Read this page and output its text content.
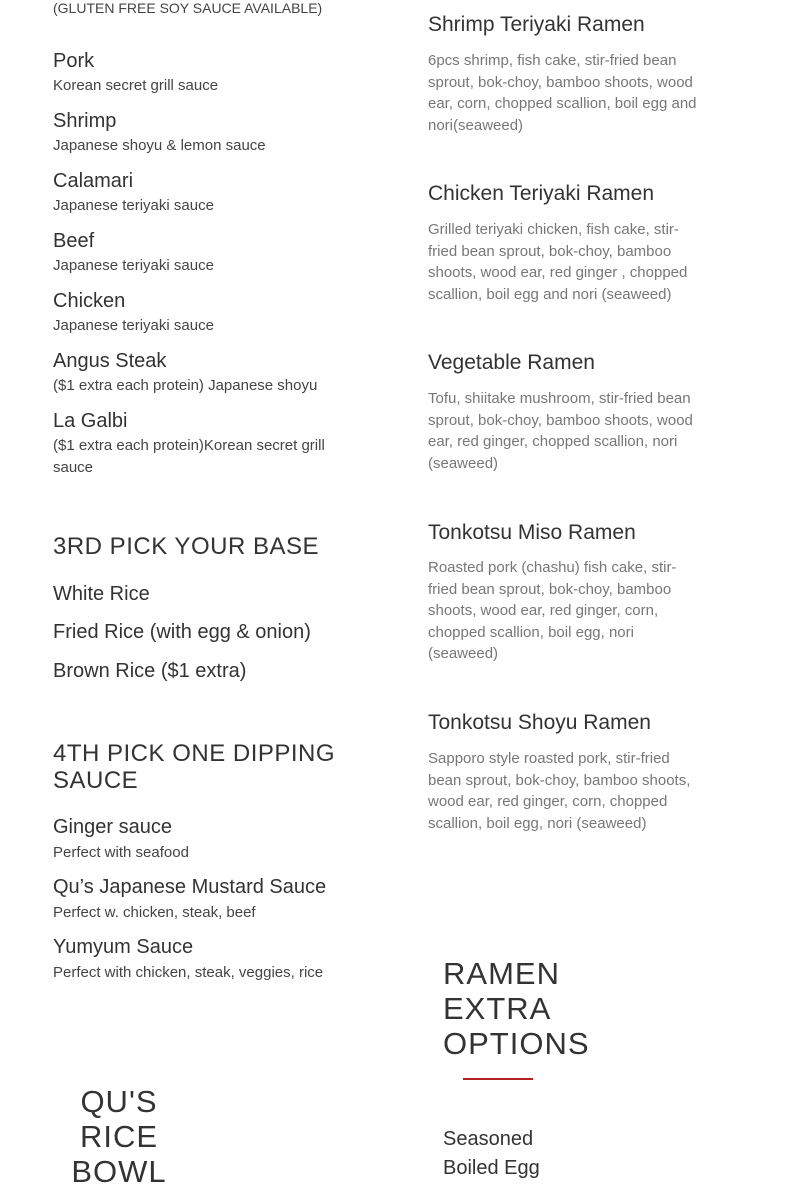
(GLUTEN FREE SOY SAUCE AVAILABLE)
Pork
Korean secret grill sauce
Shrimp
Japanese shoyu & lemon sauce
Calamari
Japanese teriyaki sauce
Beef
Japanese teriyaki sauce
Chicken
Japanese teriyaki sauce
Angus Steak
($1 extra each protein) Japanese shoyu
La Galbi
($1 extra each protein)Korean secret grill sauce
3RD PICK YOUR BASE
White Rice
Fried Rice (with egg & onion)
Brown Rice ($1 extra)
4TH PICK ONE DIPPING SAUCE
Ginger sauce
Perfect with seafood
Qu’s Japanese Mustard Sauce
Perfect w. chicken, steak, beef
Yumyum Sauce
Perfect with chicken, steak, veggies, rice
QU'S RICE BOWL
Shrimp Teriyaki Ramen
6pcs shrimp, fish cake, stir-fried bean sprout, bok-choy, bamboo shoots, wood ear, corn, chopped scallion, boil egg and nori(seaweed)
Chicken Teriyaki Ramen
Grilled teriyaki chicken, fish cake, stir-fried bean sprout, bok-choy, bamboo shoots, wood ear, red ginger , chopped scallion, boil egg and nori (seaweed)
Vegetable Ramen
Tofu, shiitake mushroom, stir-fried bean sprout, bok-choy, bamboo shoots, wood ear, red ginger, chopped scallion, nori (seaweed)
Tonkotsu Miso Ramen
Roasted pork (chashu) fish cake, stir-fried bean sprout, bok-choy, bamboo shoots, wood ear, red ginger, corn, chopped scallion, boil egg, nori (seaweed)
Tonkotsu Shoyu Ramen
Sapporo style roasted pork, stir-fried bean sprout, bok-choy, bamboo shoots, wood ear, red ginger, corn, chopped scallion, boil egg, nori (seaweed)
RAMEN EXTRA OPTIONS
Seasoned Boiled Egg
